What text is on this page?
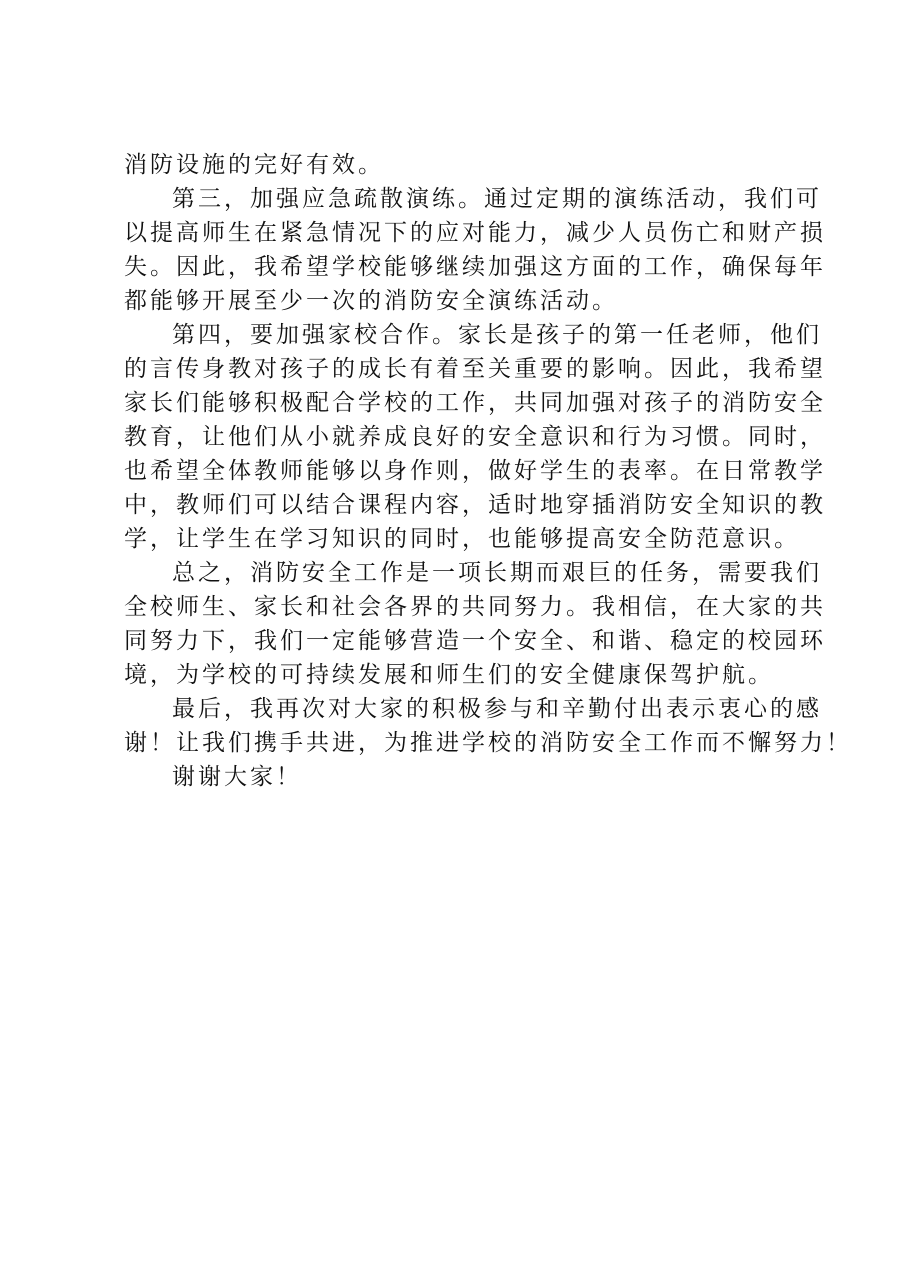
消防设施的完好有效。
第三，加强应急疏散演练。通过定期的演练活动，我们可
以提高师生在紧急情况下的应对能力，减少人员伤亡和财产损
失。因此，我希望学校能够继续加强这方面的工作，确保每年
都能够开展至少一次的消防安全演练活动。
第四，要加强家校合作。家长是孩子的第一任老师，他们
的言传身教对孩子的成长有着至关重要的影响。因此，我希望
家长们能够积极配合学校的工作，共同加强对孩子的消防安全
教育，让他们从小就养成良好的安全意识和行为习惯。同时，
也希望全体教师能够以身作则，做好学生的表率。在日常教学
中，教师们可以结合课程内容，适时地穿插消防安全知识的教
学，让学生在学习知识的同时，也能够提高安全防范意识。
总之，消防安全工作是一项长期而艰巨的任务，需要我们
全校师生、家长和社会各界的共同努力。我相信，在大家的共
同努力下，我们一定能够营造一个安全、和谐、稳定的校园环
境，为学校的可持续发展和师生们的安全健康保驾护航。
最后，我再次对大家的积极参与和辛勤付出表示衷心的感
谢！让我们携手共进，为推进学校的消防安全工作而不懈努力！
谢谢大家！
